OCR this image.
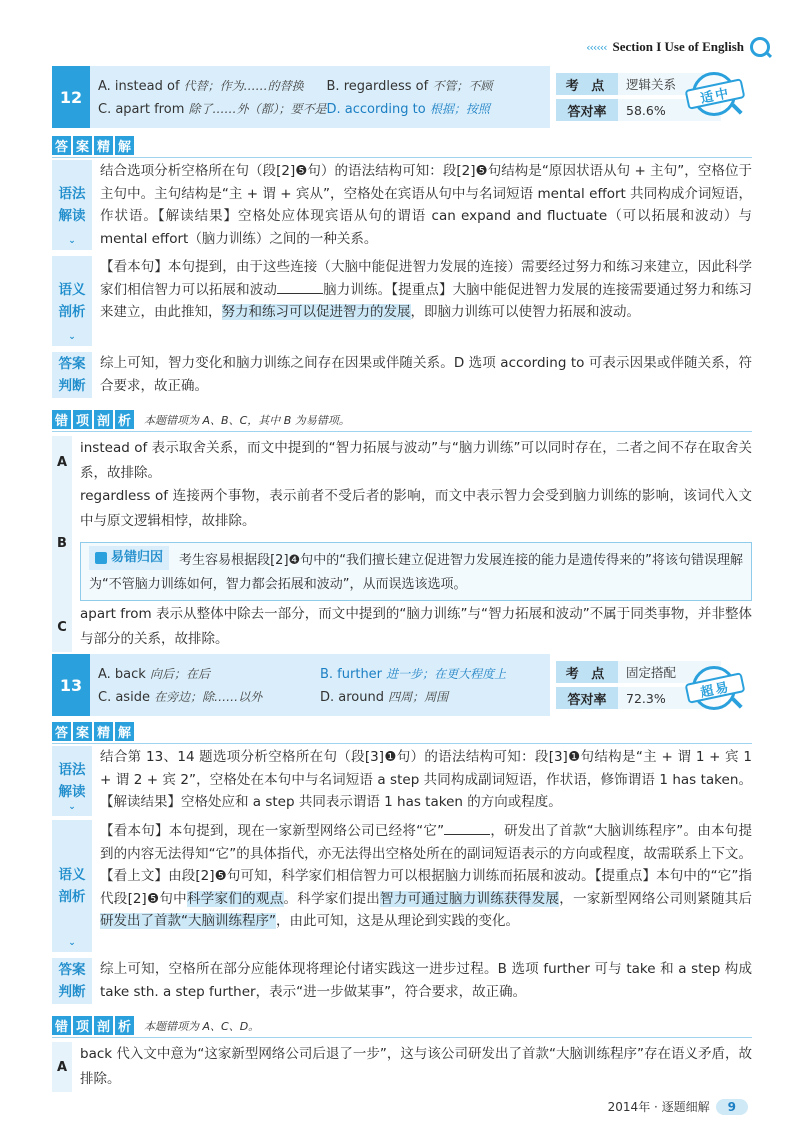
‹‹‹‹‹‹ Section I Use of English
12
A. instead of 代替；作为……的替换	B. regardless of 不管；不顾
C. apart from 除了……外（都）；要不是 D. according to 根据；按照
考 点	逻辑关系
答对率	58.6%
适中
答 案 精 解
语法
解读
⌄
结合选项分析空格所在句（段[2]❺句）的语法结构可知：段[2]❺句结构是“原因状语从句 + 主句”，空格位于主句中。主句结构是“主 + 谓 + 宾从”，空格处在宾语从句中与名词短语 mental effort 共同构成介词短语，作状语。【解读结果】空格处应体现宾语从句的谓语 can expand and fluctuate（可以拓展和波动）与 mental effort（脑力训练）之间的一种关系。
语义
剖析
⌄
【看本句】本句提到，由于这些连接（大脑中能促进智力发展的连接）需要经过努力和练习来建立，因此科学家们相信智力可以拓展和波动	脑力训练。【提重点】大脑中能促进智力发展的连接需要通过努力和练习来建立，由此推知，努力和练习可以促进智力的发展，即脑力训练可以使智力拓展和波动。
答案
判断
综上可知，智力变化和脑力训练之间存在因果或伴随关系。D 选项 according to 可表示因果或伴随关系，符合要求，故正确。
错 项 剖 析 本题错项为 A、B、C，其中 B 为易错项。
A
instead of 表示取舍关系，而文中提到的“智力拓展与波动”与“脑力训练”可以同时存在，二者之间不存在取舍关系，故排除。
B
regardless of 连接两个事物，表示前者不受后者的影响，而文中表示智力会受到脑力训练的影响，该词代入文中与原文逻辑相悖，故排除。
易错归因 考生容易根据段[2]❹句中的“我们擅长建立促进智力发展连接的能力是遗传得来的”将该句错误理解为“不管脑力训练如何，智力都会拓展和波动”，从而误选该选项。
C
apart from 表示从整体中除去一部分，而文中提到的“脑力训练”与“智力拓展和波动”不属于同类事物，并非整体与部分的关系，故排除。
13
A. back 向后；在后	B. further 进一步；在更大程度上
C. aside 在旁边；除……以外	D. around 四周；周围
考 点	固定搭配
答对率	72.3%	超易
答 案 精 解
语法
解读
⌄
结合第 13、14 题选项分析空格所在句（段[3]❶句）的语法结构可知：段[3]❶句结构是“主 + 谓 1 + 宾 1 + 谓 2 + 宾 2”，空格处在本句中与名词短语 a step 共同构成副词短语，作状语，修饰谓语 1 has taken。【解读结果】空格处应和 a step 共同表示谓语 1 has taken 的方向或程度。
语义
剖析
⌄
【看本句】本句提到，现在一家新型网络公司已经将“它”	，研发出了首款“大脑训练程序”。由本句提到的内容无法得知“它”的具体指代，亦无法得出空格处所在的副词短语表示的方向或程度，故需联系上下文。【看上文】由段[2]❺句可知，科学家们相信智力可以根据脑力训练而拓展和波动。【提重点】本句中的“它”指代段[2]❺句中科学家们的观点。科学家们提出智力可通过脑力训练获得发展，一家新型网络公司则紧随其后研发出了首款“大脑训练程序”，由此可知，这是从理论到实践的变化。
答案
判断
综上可知，空格所在部分应能体现将理论付诸实践这一进步过程。B 选项 further 可与 take 和 a step 构成 take sth. a step further，表示“进一步做某事”，符合要求，故正确。
错 项 剖 析 本题错项为 A、C、D。
A
back 代入文中意为“这家新型网络公司后退了一步”，这与该公司研发出了首款“大脑训练程序”存在语义矛盾，故排除。
2014年 · 逐题细解	9
